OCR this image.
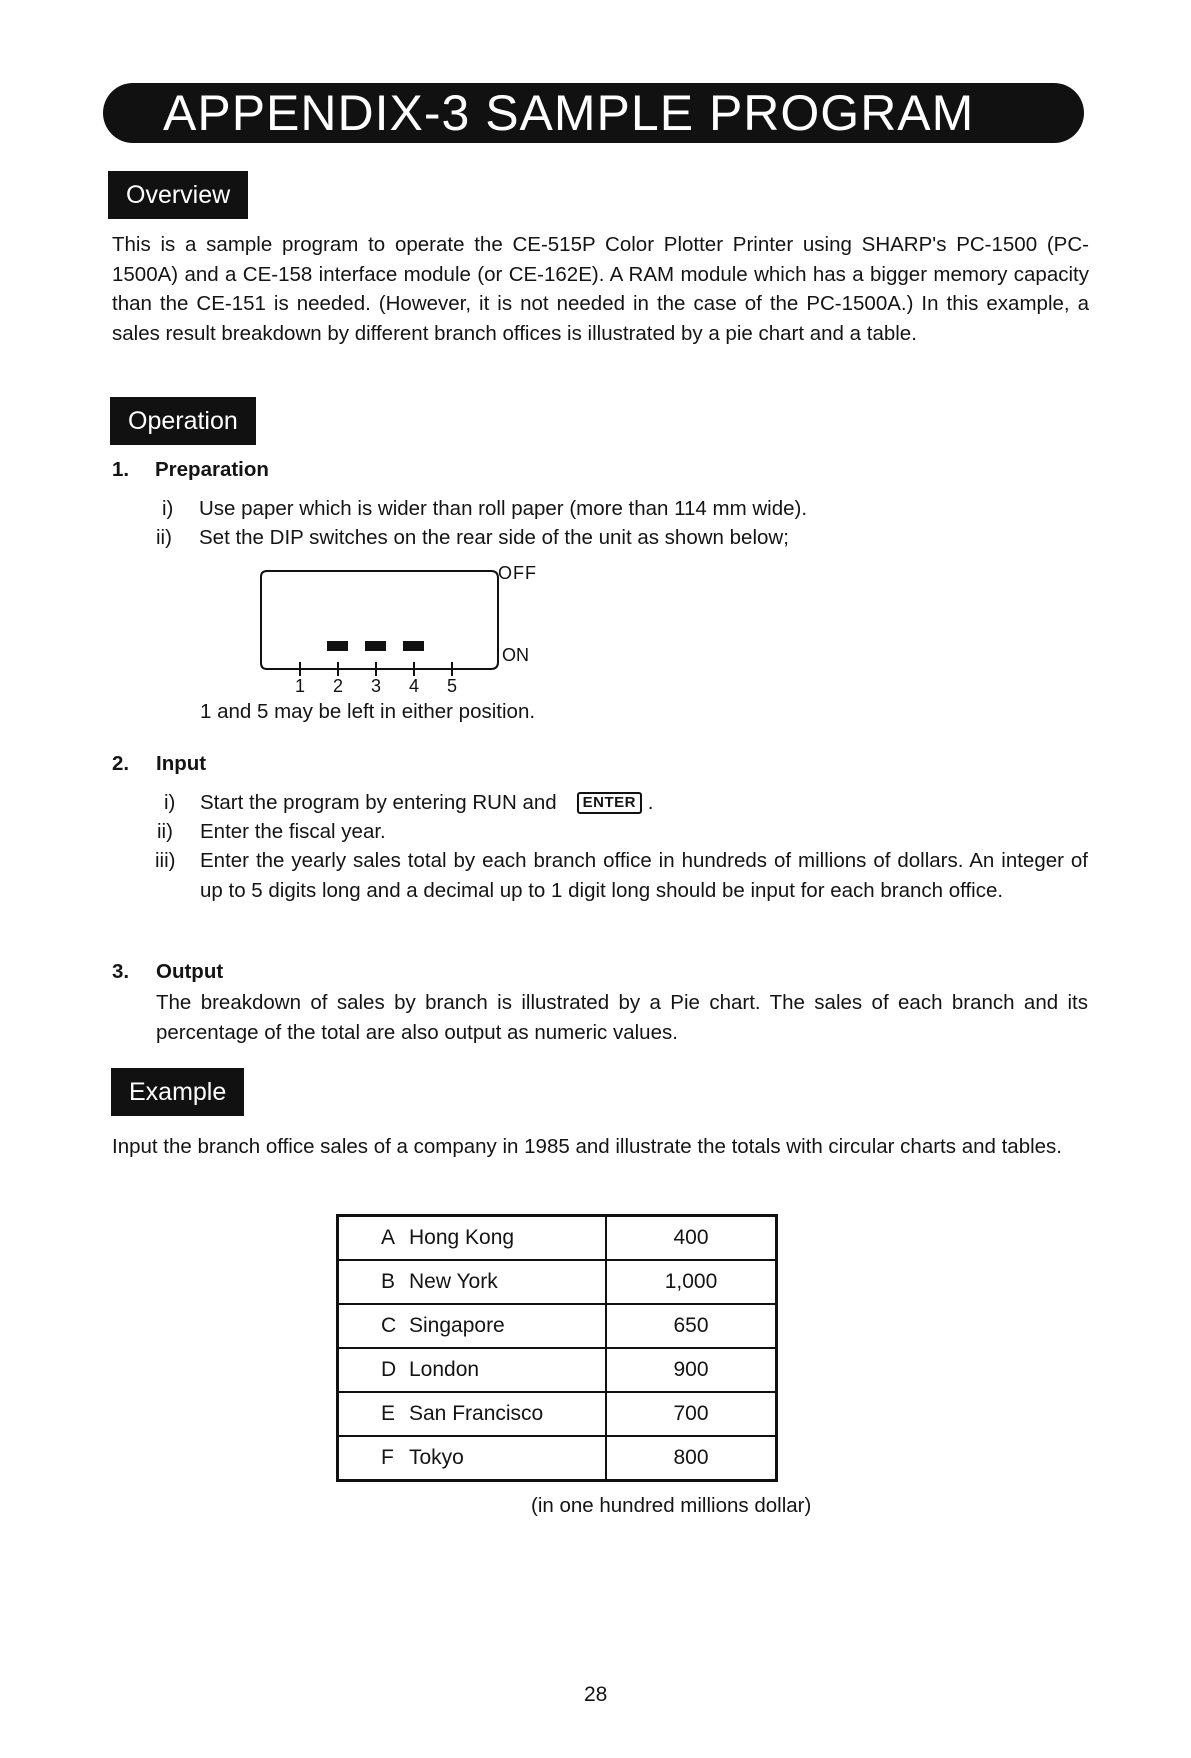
APPENDIX-3 SAMPLE PROGRAM
Overview
This is a sample program to operate the CE-515P Color Plotter Printer using SHARP's PC-1500 (PC-1500A) and a CE-158 interface module (or CE-162E). A RAM module which has a bigger memory capacity than the CE-151 is needed. (However, it is not needed in the case of the PC-1500A.) In this example, a sales result breakdown by different branch offices is illustrated by a pie chart and a table.
Operation
1. Preparation
i) Use paper which is wider than roll paper (more than 114 mm wide).
ii) Set the DIP switches on the rear side of the unit as shown below;
OFF
ON
1 2 3 4 5
1 and 5 may be left in either position.
2. Input
i) Start the program by entering RUN and ENTER .
ii) Enter the fiscal year.
iii) Enter the yearly sales total by each branch office in hundreds of millions of dollars. An integer of up to 5 digits long and a decimal up to 1 digit long should be input for each branch office.
3. Output
The breakdown of sales by branch is illustrated by a Pie chart. The sales of each branch and its percentage of the total are also output as numeric values.
Example
Input the branch office sales of a company in 1985 and illustrate the totals with circular charts and tables.
A Hong Kong	400
B New York	1,000
C Singapore	650
D London	900
E San Francisco	700
F Tokyo	800
(in one hundred millions dollar)
28
